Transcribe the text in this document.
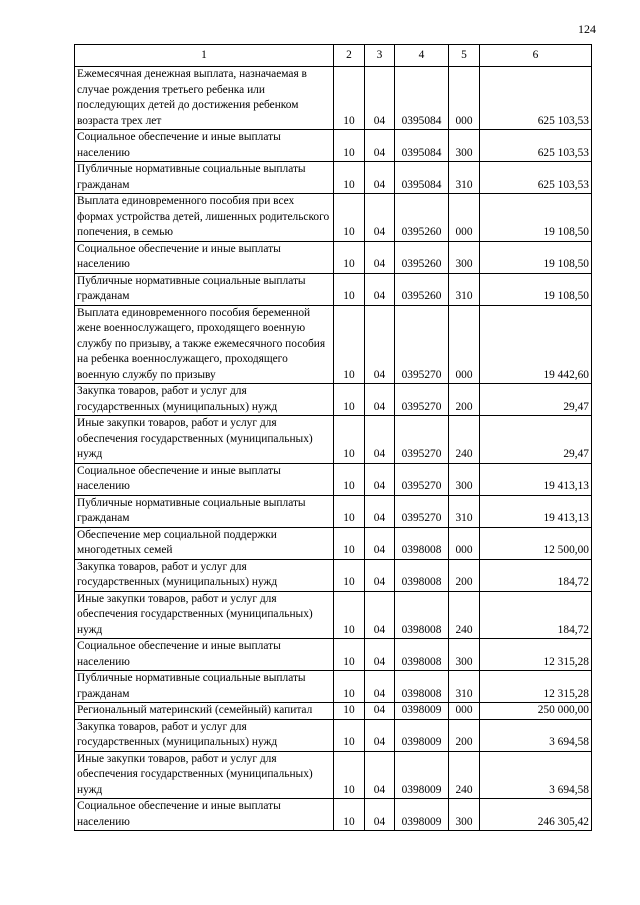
124
1	2	3	4	5	6
Ежемесячная денежная выплата, назначаемая в случае рождения третьего ребенка или последующих детей до достижения ребенком возраста трех лет	10	04	0395084	000	625 103,53
Социальное обеспечение и иные выплаты населению	10	04	0395084	300	625 103,53
Публичные нормативные социальные выплаты гражданам	10	04	0395084	310	625 103,53
Выплата единовременного пособия при всех формах устройства детей, лишенных родительского попечения, в семью	10	04	0395260	000	19 108,50
Социальное обеспечение и иные выплаты населению	10	04	0395260	300	19 108,50
Публичные нормативные социальные выплаты гражданам	10	04	0395260	310	19 108,50
Выплата единовременного пособия беременной жене военнослужащего, проходящего военную службу по призыву, а также ежемесячного пособия на ребенка военнослужащего, проходящего военную службу по призыву	10	04	0395270	000	19 442,60
Закупка товаров, работ и услуг для государственных (муниципальных) нужд	10	04	0395270	200	29,47
Иные закупки товаров, работ и услуг для обеспечения государственных (муниципальных) нужд	10	04	0395270	240	29,47
Социальное обеспечение и иные выплаты населению	10	04	0395270	300	19 413,13
Публичные нормативные социальные выплаты гражданам	10	04	0395270	310	19 413,13
Обеспечение мер социальной поддержки многодетных семей	10	04	0398008	000	12 500,00
Закупка товаров, работ и услуг для государственных (муниципальных) нужд	10	04	0398008	200	184,72
Иные закупки товаров, работ и услуг для обеспечения государственных (муниципальных) нужд	10	04	0398008	240	184,72
Социальное обеспечение и иные выплаты населению	10	04	0398008	300	12 315,28
Публичные нормативные социальные выплаты гражданам	10	04	0398008	310	12 315,28
Региональный материнский (семейный) капитал	10	04	0398009	000	250 000,00
Закупка товаров, работ и услуг для государственных (муниципальных) нужд	10	04	0398009	200	3 694,58
Иные закупки товаров, работ и услуг для обеспечения государственных (муниципальных) нужд	10	04	0398009	240	3 694,58
Социальное обеспечение и иные выплаты населению	10	04	0398009	300	246 305,42
